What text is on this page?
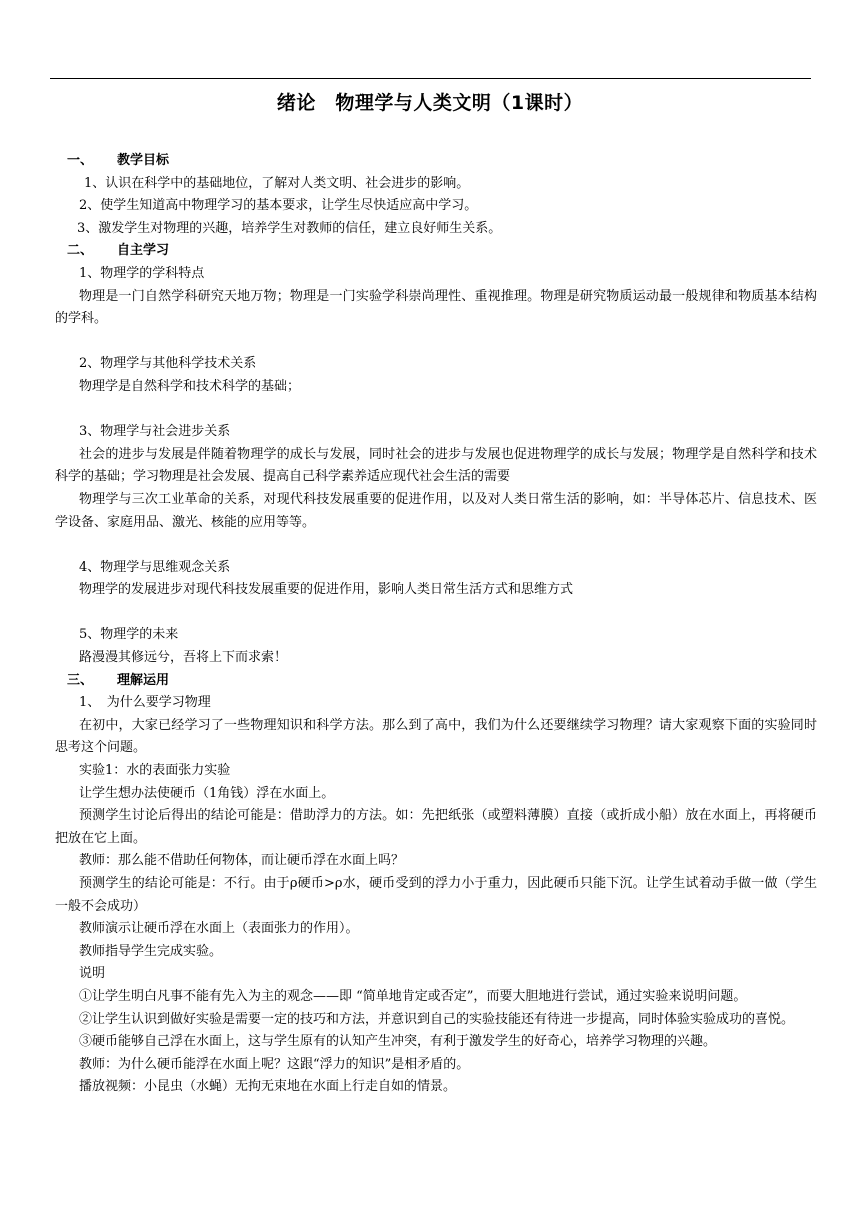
绪论　物理学与人类文明（1课时）
一、 教学目标
1、认识在科学中的基础地位，了解对人类文明、社会进步的影响。
2、使学生知道高中物理学习的基本要求，让学生尽快适应高中学习。
3、激发学生对物理的兴趣，培养学生对教师的信任，建立良好师生关系。
二、 自主学习
1、物理学的学科特点
物理是一门自然学科研究天地万物；物理是一门实验学科崇尚理性、重视推理。物理是研究物质运动最一般规律和物质基本结构的学科。
2、物理学与其他科学技术关系
物理学是自然科学和技术科学的基础；
3、物理学与社会进步关系
社会的进步与发展是伴随着物理学的成长与发展，同时社会的进步与发展也促进物理学的成长与发展；物理学是自然科学和技术科学的基础；学习物理是社会发展、提高自己科学素养适应现代社会生活的需要
物理学与三次工业革命的关系，对现代科技发展重要的促进作用，以及对人类日常生活的影响，如：半导体芯片、信息技术、医学设备、家庭用品、激光、核能的应用等等。
4、物理学与思维观念关系
物理学的发展进步对现代科技发展重要的促进作用，影响人类日常生活方式和思维方式
5、物理学的未来
路漫漫其修远兮，吾将上下而求索！
三、 理解运用
1、　为什么要学习物理
在初中，大家已经学习了一些物理知识和科学方法。那么到了高中，我们为什么还要继续学习物理？请大家观察下面的实验同时思考这个问题。
实验1：水的表面张力实验
让学生想办法使硬币（1角钱）浮在水面上。
预测学生讨论后得出的结论可能是：借助浮力的方法。如：先把纸张（或塑料薄膜）直接（或折成小船）放在水面上，再将硬币把放在它上面。
教师：那么能不借助任何物体，而让硬币浮在水面上吗？
预测学生的结论可能是：不行。由于ρ硬币>ρ水，硬币受到的浮力小于重力，因此硬币只能下沉。让学生试着动手做一做（学生一般不会成功）
教师演示让硬币浮在水面上（表面张力的作用）。
教师指导学生完成实验。
说明
①让学生明白凡事不能有先入为主的观念——即 “简单地肯定或否定”，而要大胆地进行尝试，通过实验来说明问题。
②让学生认识到做好实验是需要一定的技巧和方法，并意识到自己的实验技能还有待进一步提高，同时体验实验成功的喜悦。
③硬币能够自己浮在水面上，这与学生原有的认知产生冲突，有利于激发学生的好奇心，培养学习物理的兴趣。
教师：为什么硬币能浮在水面上呢？这跟“浮力的知识”是相矛盾的。
播放视频：小昆虫（水蝇）无拘无束地在水面上行走自如的情景。
